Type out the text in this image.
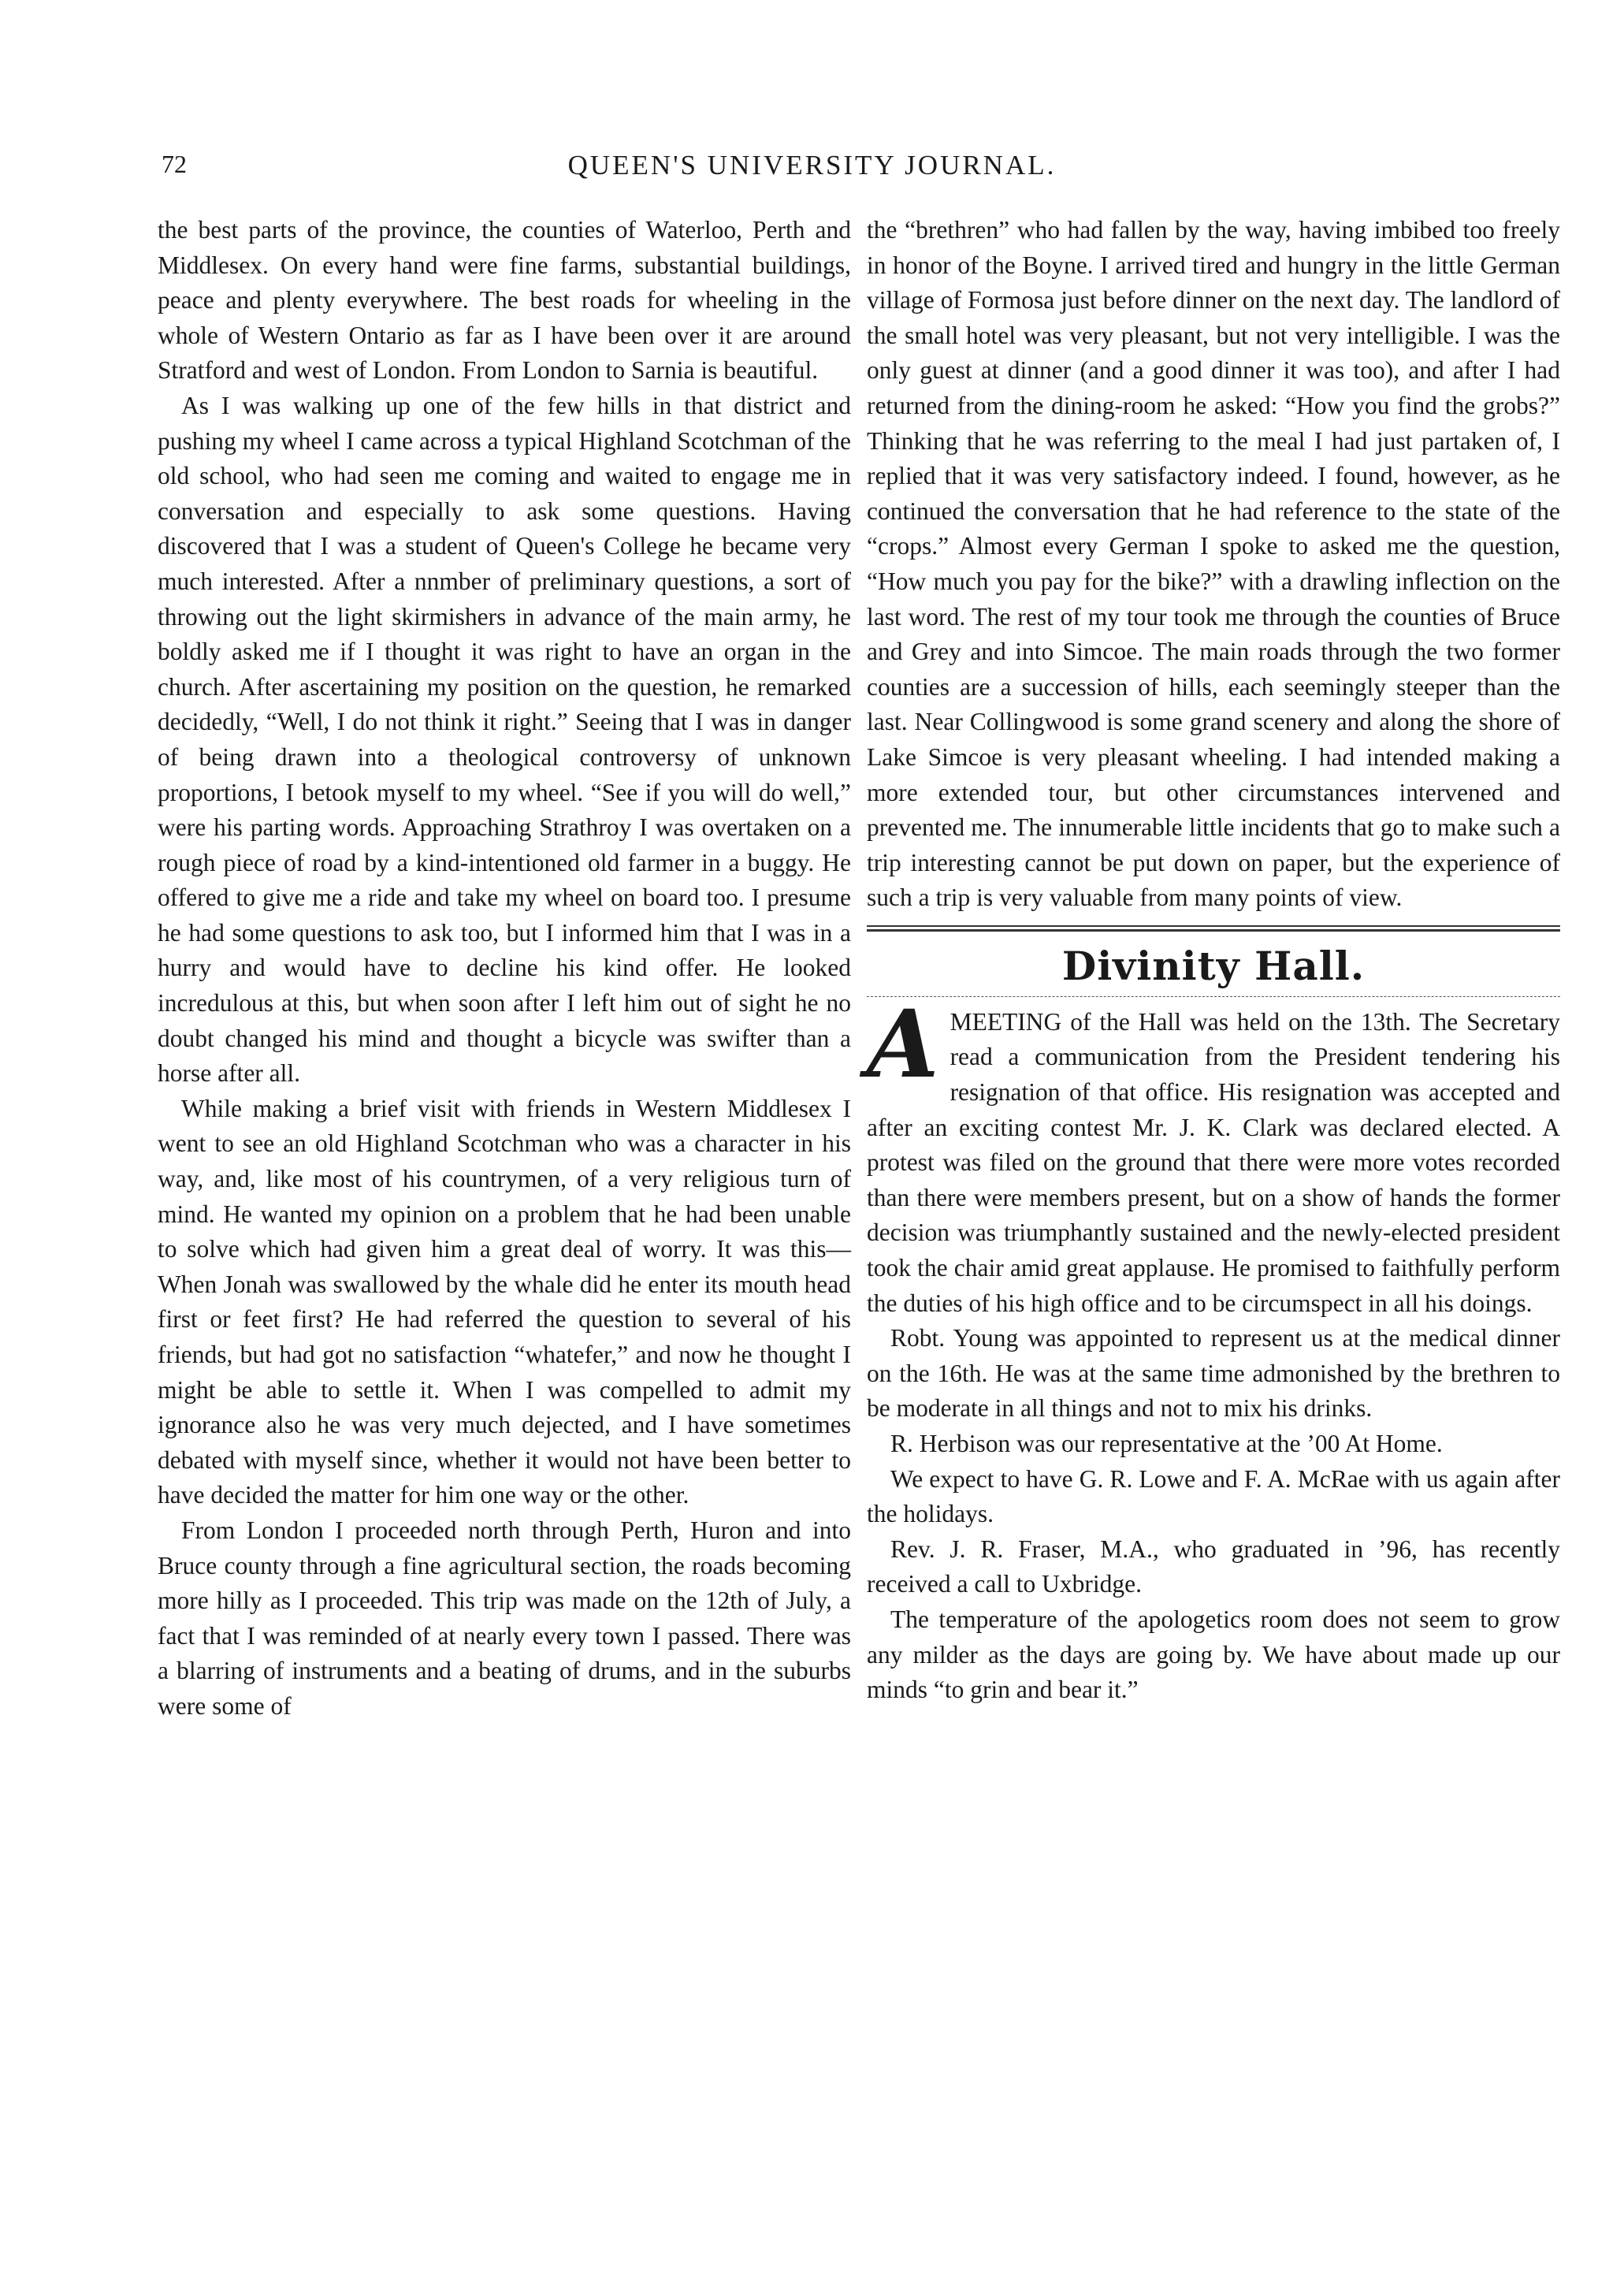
72	QUEEN'S UNIVERSITY JOURNAL.

the best parts of the province, the counties of Waterloo, Perth and Middlesex. On every hand were fine farms, substantial buildings, peace and plenty everywhere. The best roads for wheeling in the whole of Western Ontario as far as I have been over it are around Stratford and west of London. From London to Sarnia is beautiful.

As I was walking up one of the few hills in that district and pushing my wheel I came across a typical Highland Scotchman of the old school, who had seen me coming and waited to engage me in conversation and especially to ask some questions. Having discovered that I was a student of Queen's College he became very much interested. After a nnmber of preliminary questions, a sort of throwing out the light skirmishers in advance of the main army, he boldly asked me if I thought it was right to have an organ in the church. After ascertaining my position on the question, he remarked decidedly, “Well, I do not think it right.” Seeing that I was in danger of being drawn into a theological controversy of unknown proportions, I betook myself to my wheel. “See if you will do well,” were his parting words. Approaching Strathroy I was overtaken on a rough piece of road by a kind-intentioned old farmer in a buggy. He offered to give me a ride and take my wheel on board too. I presume he had some questions to ask too, but I informed him that I was in a hurry and would have to decline his kind offer. He looked incredulous at this, but when soon after I left him out of sight he no doubt changed his mind and thought a bicycle was swifter than a horse after all.

While making a brief visit with friends in Western Middlesex I went to see an old Highland Scotchman who was a character in his way, and, like most of his countrymen, of a very religious turn of mind. He wanted my opinion on a problem that he had been unable to solve which had given him a great deal of worry. It was this—When Jonah was swallowed by the whale did he enter its mouth head first or feet first? He had referred the question to several of his friends, but had got no satisfaction “whatefer,” and now he thought I might be able to settle it. When I was compelled to admit my ignorance also he was very much dejected, and I have sometimes debated with myself since, whether it would not have been better to have decided the matter for him one way or the other.

From London I proceeded north through Perth, Huron and into Bruce county through a fine agricultural section, the roads becoming more hilly as I proceeded. This trip was made on the 12th of July, a fact that I was reminded of at nearly every town I passed. There was a blarring of instruments and a beating of drums, and in the suburbs were some of

the “brethren” who had fallen by the way, having imbibed too freely in honor of the Boyne. I arrived tired and hungry in the little German village of Formosa just before dinner on the next day. The landlord of the small hotel was very pleasant, but not very intelligible. I was the only guest at dinner (and a good dinner it was too), and after I had returned from the dining-room he asked: “How you find the grobs?” Thinking that he was referring to the meal I had just partaken of, I replied that it was very satisfactory indeed. I found, however, as he continued the conversation that he had reference to the state of the “crops.” Almost every German I spoke to asked me the question, “How much you pay for the bike?” with a drawling inflection on the last word. The rest of my tour took me through the counties of Bruce and Grey and into Simcoe. The main roads through the two former counties are a succession of hills, each seemingly steeper than the last. Near Collingwood is some grand scenery and along the shore of Lake Simcoe is very pleasant wheeling. I had intended making a more extended tour, but other circumstances intervened and prevented me. The innumerable little incidents that go to make such a trip interesting cannot be put down on paper, but the experience of such a trip is very valuable from many points of view.

Divinity Hall.

A MEETING of the Hall was held on the 13th. The Secretary read a communication from the President tendering his resignation of that office. His resignation was accepted and after an exciting contest Mr. J. K. Clark was declared elected. A protest was filed on the ground that there were more votes recorded than there were members present, but on a show of hands the former decision was triumphantly sustained and the newly-elected president took the chair amid great applause. He promised to faithfully perform the duties of his high office and to be circumspect in all his doings.

Robt. Young was appointed to represent us at the medical dinner on the 16th. He was at the same time admonished by the brethren to be moderate in all things and not to mix his drinks.

R. Herbison was our representative at the ’00 At Home.

We expect to have G. R. Lowe and F. A. McRae with us again after the holidays.

Rev. J. R. Fraser, M.A., who graduated in ’96, has recently received a call to Uxbridge.

The temperature of the apologetics room does not seem to grow any milder as the days are going by. We have about made up our minds “to grin and bear it.”
